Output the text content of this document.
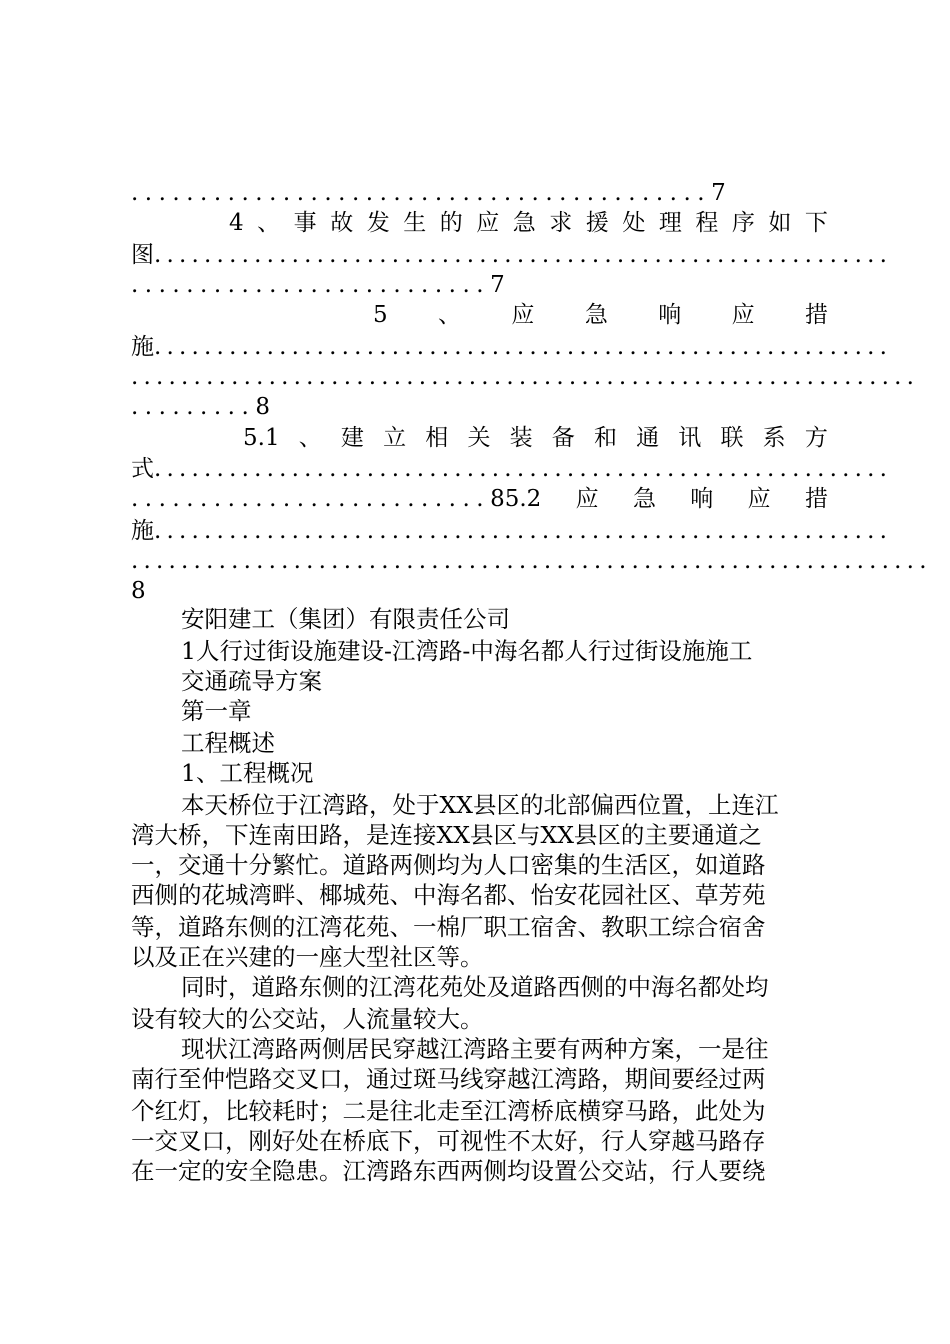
..........................................7
4 、 事 故 发 生 的 应 急 求 援 处 理 程 序 如 下
图...........................................................
..........................7
5 、 应 急 响 应 措
施...........................................................
...............................................................
.........8
5.1 、 建 立 相 关 装 备 和 通 讯 联 系 方
式...........................................................
..........................85.2 应 急 响 应 措
施...........................................................
................................................................
8
安阳建工（集团）有限责任公司
1人行过街设施建设-江湾路-中海名都人行过街设施施工
交通疏导方案
第一章
工程概述
1、工程概况
本天桥位于江湾路，处于XX县区的北部偏西位置，上连江
湾大桥，下连南田路，是连接XX县区与XX县区的主要通道之
一，交通十分繁忙。道路两侧均为人口密集的生活区，如道路
西侧的花城湾畔、椰城苑、中海名都、怡安花园社区、草芳苑
等，道路东侧的江湾花苑、一棉厂职工宿舍、教职工综合宿舍
以及正在兴建的一座大型社区等。
同时，道路东侧的江湾花苑处及道路西侧的中海名都处均
设有较大的公交站，人流量较大。
现状江湾路两侧居民穿越江湾路主要有两种方案，一是往
南行至仲恺路交叉口，通过斑马线穿越江湾路，期间要经过两
个红灯，比较耗时；二是往北走至江湾桥底横穿马路，此处为
一交叉口，刚好处在桥底下，可视性不太好，行人穿越马路存
在一定的安全隐患。江湾路东西两侧均设置公交站，行人要绕
